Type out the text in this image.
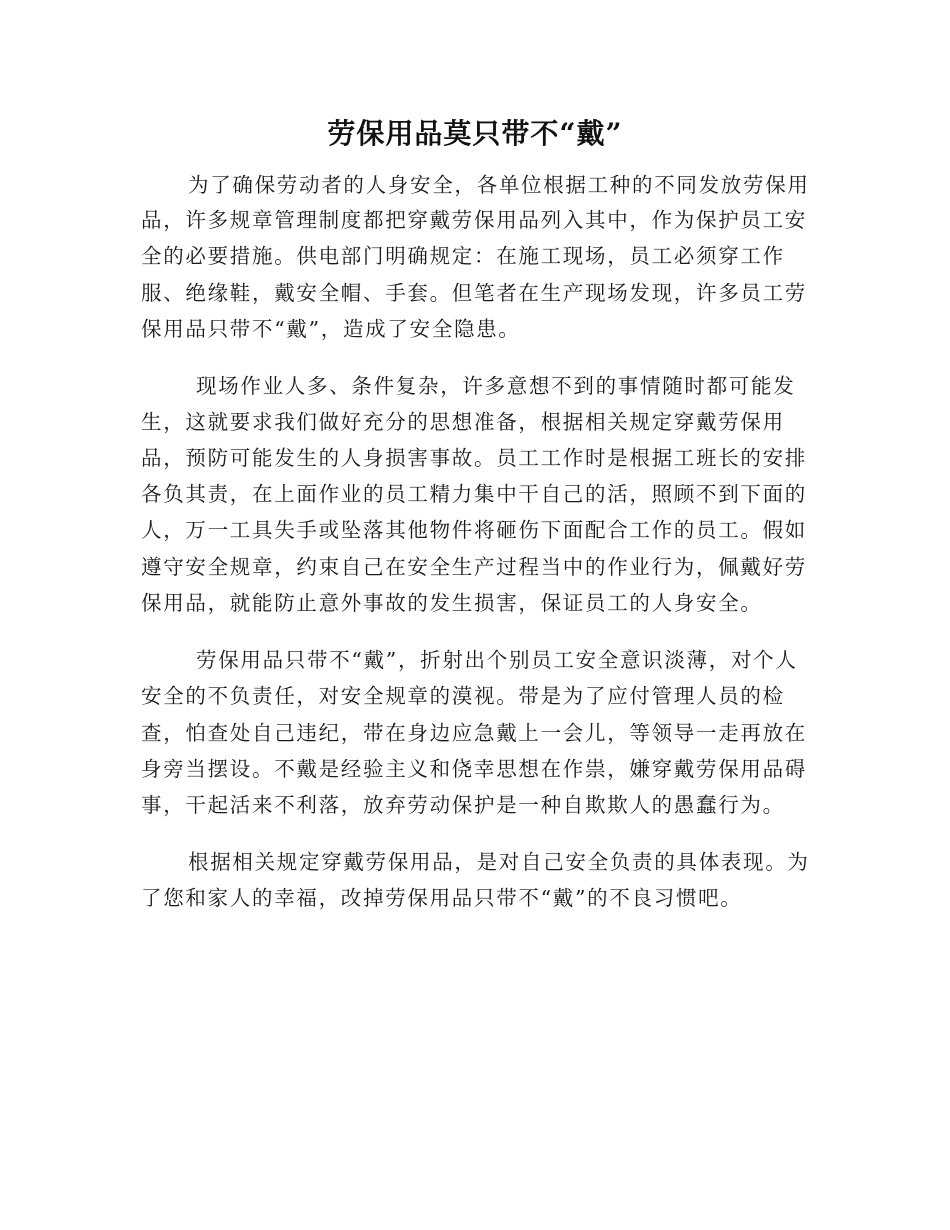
劳保用品莫只带不“戴”
为了确保劳动者的人身安全，各单位根据工种的不同发放劳保用
品，许多规章管理制度都把穿戴劳保用品列入其中，作为保护员工安
全的必要措施。供电部门明确规定：在施工现场，员工必须穿工作
服、绝缘鞋，戴安全帽、手套。但笔者在生产现场发现，许多员工劳
保用品只带不“戴”，造成了安全隐患。
现场作业人多、条件复杂，许多意想不到的事情随时都可能发
生，这就要求我们做好充分的思想准备，根据相关规定穿戴劳保用
品，预防可能发生的人身损害事故。员工工作时是根据工班长的安排
各负其责，在上面作业的员工精力集中干自己的活，照顾不到下面的
人，万一工具失手或坠落其他物件将砸伤下面配合工作的员工。假如
遵守安全规章，约束自己在安全生产过程当中的作业行为，佩戴好劳
保用品，就能防止意外事故的发生损害，保证员工的人身安全。
劳保用品只带不“戴”，折射出个别员工安全意识淡薄，对个人
安全的不负责任，对安全规章的漠视。带是为了应付管理人员的检
查，怕查处自己违纪，带在身边应急戴上一会儿，等领导一走再放在
身旁当摆设。不戴是经验主义和侥幸思想在作祟，嫌穿戴劳保用品碍
事，干起活来不利落，放弃劳动保护是一种自欺欺人的愚蠢行为。
根据相关规定穿戴劳保用品，是对自己安全负责的具体表现。为
了您和家人的幸福，改掉劳保用品只带不“戴”的不良习惯吧。
